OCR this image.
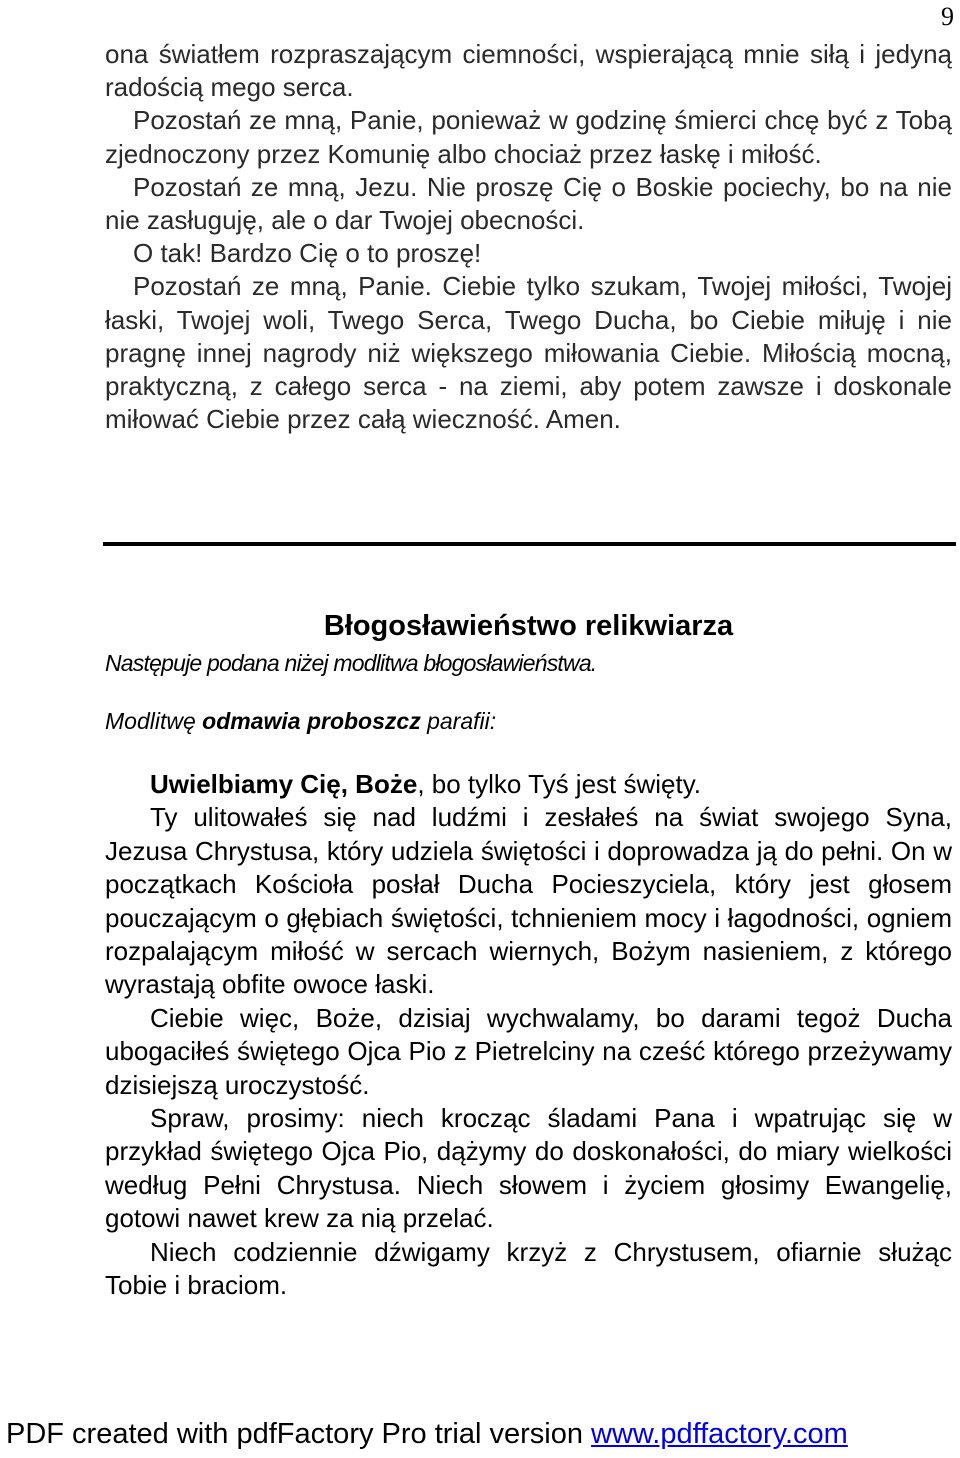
9

ona światłem rozpraszającym ciemności, wspierającą mnie siłą i jedyną radością mego serca.

Pozostań ze mną, Panie, ponieważ w godzinę śmierci chcę być z Tobą zjednoczony przez Komunię albo chociaż przez łaskę i miłość.

Pozostań ze mną, Jezu. Nie proszę Cię o Boskie pociechy, bo na nie nie zasługuję, ale o dar Twojej obecności.

O tak! Bardzo Cię o to proszę!

Pozostań ze mną, Panie. Ciebie tylko szukam, Twojej miłości, Twojej łaski, Twojej woli, Twego Serca, Twego Ducha, bo Ciebie miłuję i nie pragnę innej nagrody niż większego miłowania Ciebie. Miłością mocną, praktyczną, z całego serca - na ziemi, aby potem zawsze i doskonale miłować Ciebie przez całą wieczność. Amen.

Błogosławieństwo relikwiarza
Następuje podana niżej modlitwa błogosławieństwa.
Modlitwę odmawia proboszcz parafii:

Uwielbiamy Cię, Boże, bo tylko Tyś jest święty.

Ty ulitowałeś się nad ludźmi i zesłałeś na świat swojego Syna, Jezusa Chrystusa, który udziela świętości i doprowadza ją do pełni. On w początkach Kościoła posłał Ducha Pocieszyciela, który jest głosem pouczającym o głębiach świętości, tchnieniem mocy i łagodności, ogniem rozpalającym miłość w sercach wiernych, Bożym nasieniem, z którego wyrastają obfite owoce łaski.

Ciebie więc, Boże, dzisiaj wychwalamy, bo darami tegoż Ducha ubogaciłeś świętego Ojca Pio z Pietrelciny na cześć którego przeżywamy dzisiejszą uroczystość.

Spraw, prosimy: niech krocząc śladami Pana i wpatrując się w przykład świętego Ojca Pio, dążymy do doskonałości, do miary wielkości według Pełni Chrystusa. Niech słowem i życiem głosimy Ewangelię, gotowi nawet krew za nią przelać.

Niech codziennie dźwigamy krzyż z Chrystusem, ofiarnie służąc Tobie i braciom.

PDF created with pdfFactory Pro trial version www.pdffactory.com
